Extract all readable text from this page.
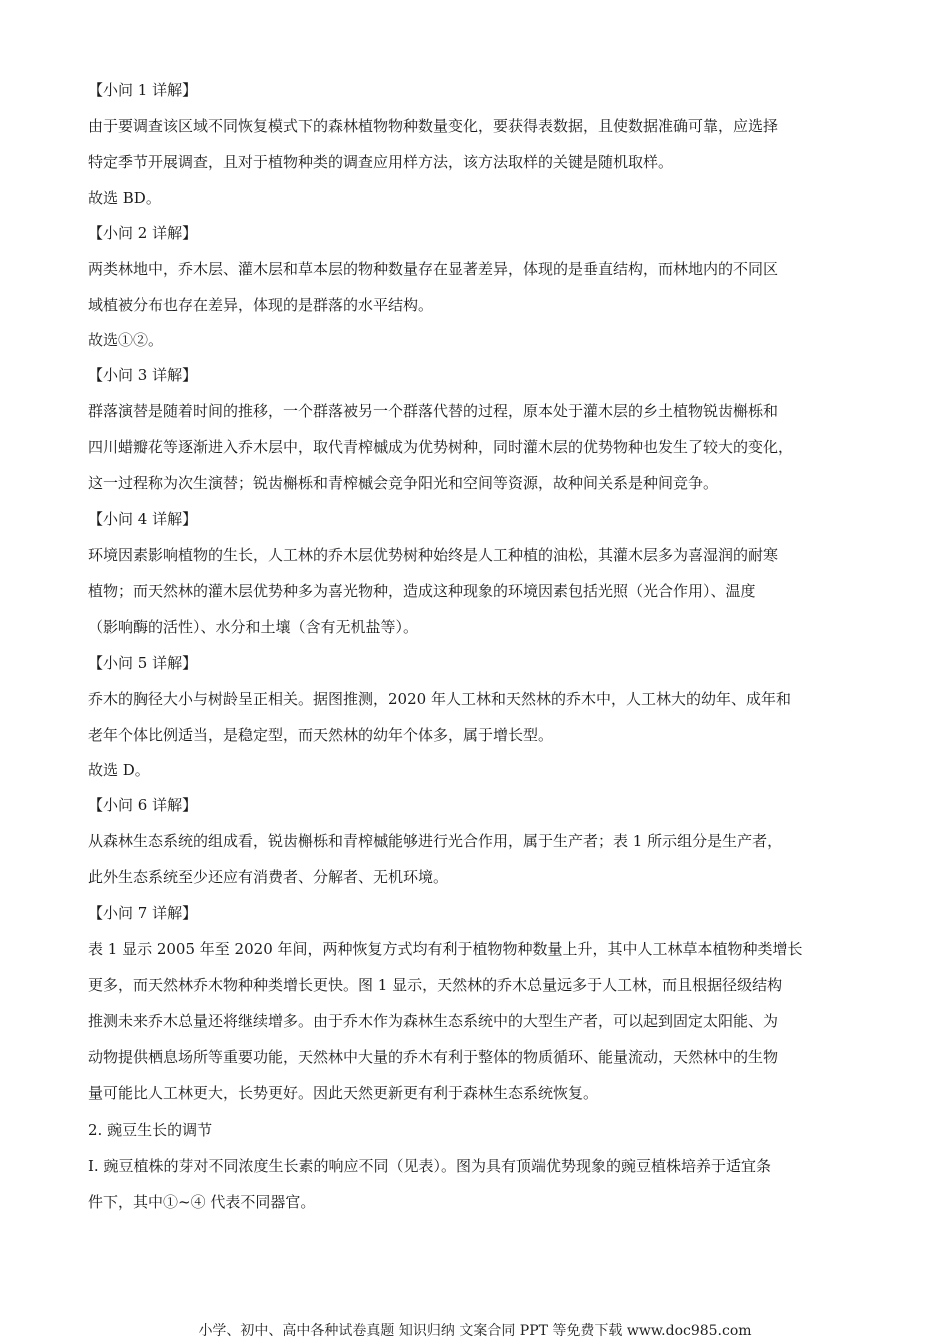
【小问 1 详解】
由于要调查该区域不同恢复模式下的森林植物物种数量变化，要获得表数据，且使数据准确可靠，应选择
特定季节开展调查，且对于植物种类的调查应用样方法，该方法取样的关键是随机取样。
故选 BD。
【小问 2 详解】
两类林地中，乔木层、灌木层和草本层的物种数量存在显著差异，体现的是垂直结构，而林地内的不同区
域植被分布也存在差异，体现的是群落的水平结构。
故选①②。
【小问 3 详解】
群落演替是随着时间的推移，一个群落被另一个群落代替的过程，原本处于灌木层的乡土植物锐齿槲栎和
四川蜡瓣花等逐渐进入乔木层中，取代青榨槭成为优势树种，同时灌木层的优势物种也发生了较大的变化，
这一过程称为次生演替；锐齿槲栎和青榨槭会竞争阳光和空间等资源，故种间关系是种间竞争。
【小问 4 详解】
环境因素影响植物的生长，人工林的乔木层优势树种始终是人工种植的油松，其灌木层多为喜湿润的耐寒
植物；而天然林的灌木层优势种多为喜光物种，造成这种现象的环境因素包括光照（光合作用）、温度
（影响酶的活性）、水分和土壤（含有无机盐等）。
【小问 5 详解】
乔木的胸径大小与树龄呈正相关。据图推测，2020 年人工林和天然林的乔木中，人工林大的幼年、成年和
老年个体比例适当，是稳定型，而天然林的幼年个体多，属于增长型。
故选 D。
【小问 6 详解】
从森林生态系统的组成看，锐齿槲栎和青榨槭能够进行光合作用，属于生产者；表 1 所示组分是生产者，
此外生态系统至少还应有消费者、分解者、无机环境。
【小问 7 详解】
表 1 显示 2005 年至 2020 年间，两种恢复方式均有利于植物物种数量上升，其中人工林草本植物种类增长
更多，而天然林乔木物种种类增长更快。图 1 显示，天然林的乔木总量远多于人工林，而且根据径级结构
推测未来乔木总量还将继续增多。由于乔木作为森林生态系统中的大型生产者，可以起到固定太阳能、为
动物提供栖息场所等重要功能，天然林中大量的乔木有利于整体的物质循环、能量流动，天然林中的生物
量可能比人工林更大，长势更好。因此天然更新更有利于森林生态系统恢复。
2. 豌豆生长的调节
I. 豌豆植株的芽对不同浓度生长素的响应不同（见表）。图为具有顶端优势现象的豌豆植株培养于适宜条
件下，其中①~④ 代表不同器官。
小学、初中、高中各种试卷真题 知识归纳 文案合同 PPT 等免费下载 www.doc985.com
